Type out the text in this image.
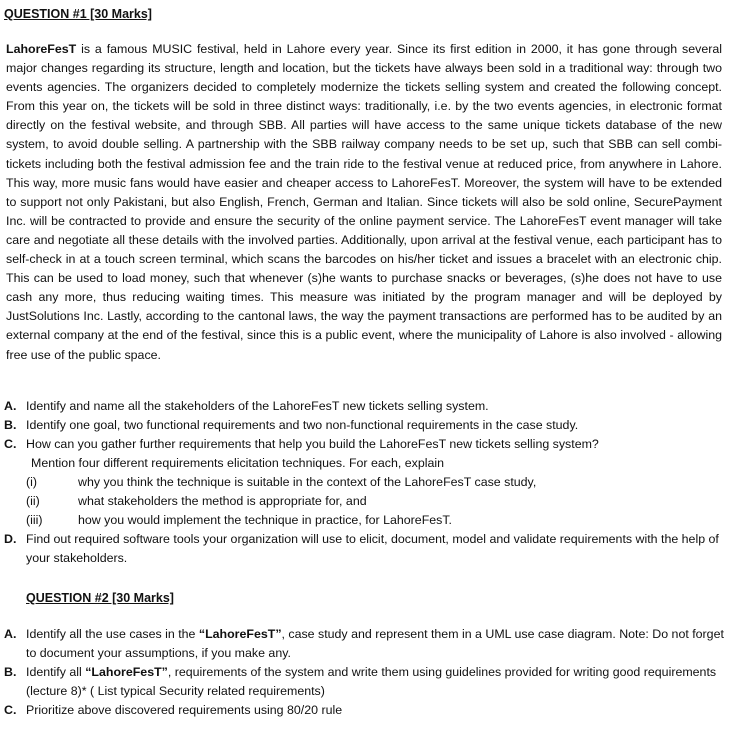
QUESTION #1 [30 Marks]

LahoreFesT is a famous MUSIC festival, held in Lahore every year. Since its first edition in 2000, it has gone through several major changes regarding its structure, length and location, but the tickets have always been sold in a traditional way: through two events agencies. The organizers decided to completely modernize the tickets selling system and created the following concept. From this year on, the tickets will be sold in three distinct ways: traditionally, i.e. by the two events agencies, in electronic format directly on the festival website, and through SBB. All parties will have access to the same unique tickets database of the new system, to avoid double selling. A partnership with the SBB railway company needs to be set up, such that SBB can sell combi-tickets including both the festival admission fee and the train ride to the festival venue at reduced price, from anywhere in Lahore. This way, more music fans would have easier and cheaper access to LahoreFesT. Moreover, the system will have to be extended to support not only Pakistani, but also English, French, German and Italian. Since tickets will also be sold online, SecurePayment Inc. will be contracted to provide and ensure the security of the online payment service. The LahoreFesT event manager will take care and negotiate all these details with the involved parties. Additionally, upon arrival at the festival venue, each participant has to self-check in at a touch screen terminal, which scans the barcodes on his/her ticket and issues a bracelet with an electronic chip. This can be used to load money, such that whenever (s)he wants to purchase snacks or beverages, (s)he does not have to use cash any more, thus reducing waiting times. This measure was initiated by the program manager and will be deployed by JustSolutions Inc. Lastly, according to the cantonal laws, the way the payment transactions are performed has to be audited by an external company at the end of the festival, since this is a public event, where the municipality of Lahore is also involved - allowing free use of the public space.

A. Identify and name all the stakeholders of the LahoreFesT new tickets selling system.
B. Identify one goal, two functional requirements and two non-functional requirements in the case study.
C. How can you gather further requirements that help you build the LahoreFesT new tickets selling system?
Mention four different requirements elicitation techniques. For each, explain
(i)	why you think the technique is suitable in the context of the LahoreFesT case study,
(ii)	what stakeholders the method is appropriate for, and
(iii)	how you would implement the technique in practice, for LahoreFesT.
D. Find out required software tools your organization will use to elicit, document, model and validate requirements with the help of your stakeholders.
QUESTION #2 [30 Marks]
A. Identify all the use cases in the “LahoreFesT”, case study and represent them in a UML use case diagram. Note: Do not forget to document your assumptions, if you make any.
B. Identify all “LahoreFesT”, requirements of the system and write them using guidelines provided for writing good requirements (lecture 8)* ( List typical Security related requirements)
C. Prioritize above discovered requirements using 80/20 rule
